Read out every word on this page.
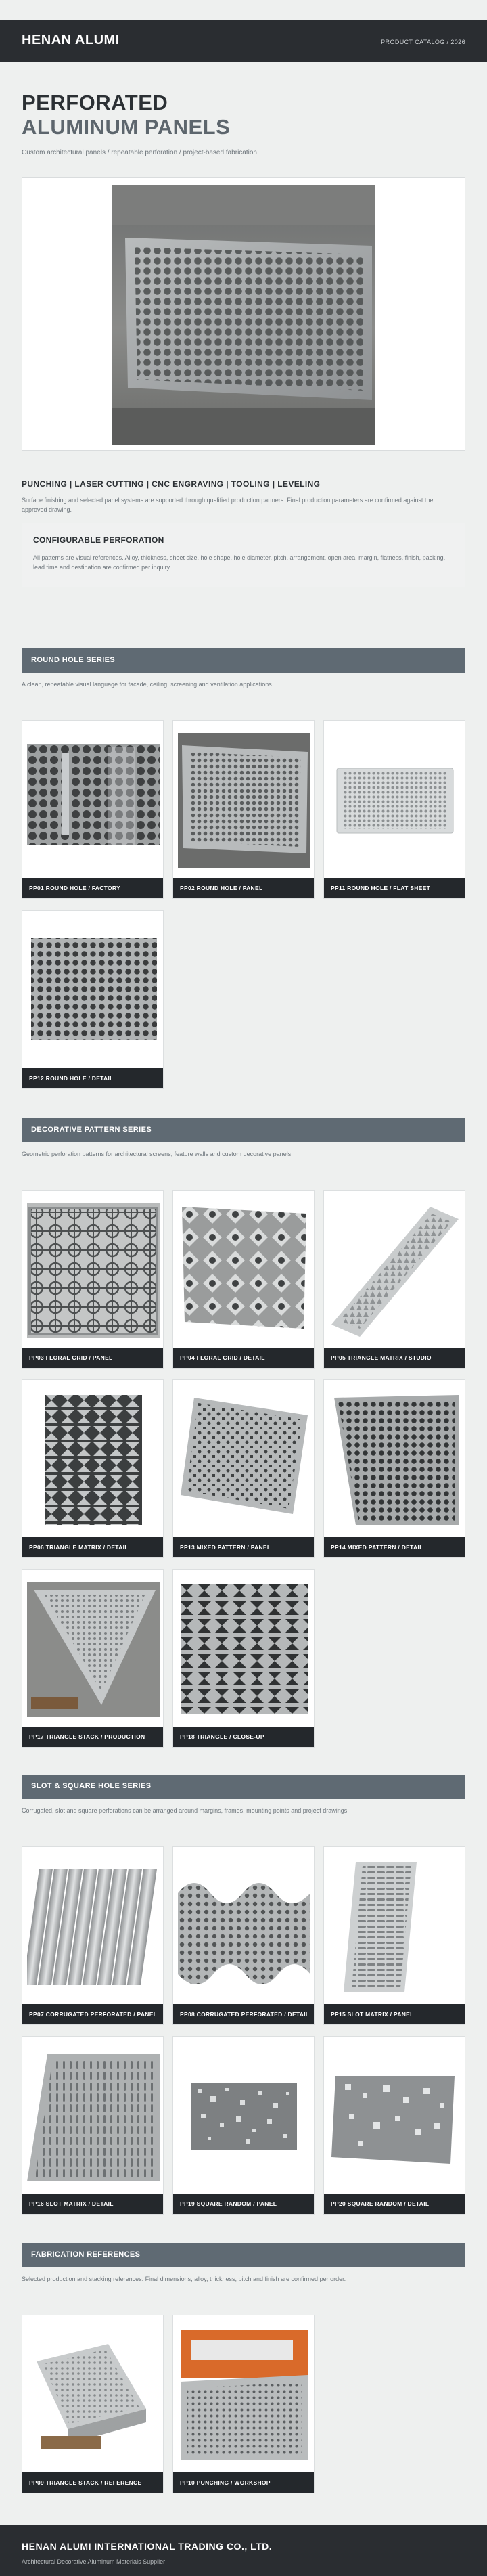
HENAN ALUMI	PRODUCT CATALOG / 2026
PERFORATED
ALUMINUM PANELS
Custom architectural panels / repeatable perforation / project-based fabrication
PUNCHING | LASER CUTTING | CNC ENGRAVING | TOOLING | LEVELING
Surface finishing and selected panel systems are supported through qualified production partners. Final production parameters are confirmed against the approved drawing.
CONFIGURABLE PERFORATION
All patterns are visual references. Alloy, thickness, sheet size, hole shape, hole diameter, pitch, arrangement, open area, margin, flatness, finish, packing, lead time and destination are confirmed per inquiry.
ROUND HOLE SERIES
A clean, repeatable visual language for facade, ceiling, screening and ventilation applications.
PP01 ROUND HOLE / FACTORY	PP02 ROUND HOLE / PANEL	PP11 ROUND HOLE / FLAT SHEET
PP12 ROUND HOLE / DETAIL
DECORATIVE PATTERN SERIES
Geometric perforation patterns for architectural screens, feature walls and custom decorative panels.
PP03 FLORAL GRID / PANEL	PP04 FLORAL GRID / DETAIL	PP05 TRIANGLE MATRIX / STUDIO
PP06 TRIANGLE MATRIX / DETAIL	PP13 MIXED PATTERN / PANEL	PP14 MIXED PATTERN / DETAIL
PP17 TRIANGLE STACK / PRODUCTION	PP18 TRIANGLE / CLOSE-UP
SLOT & SQUARE HOLE SERIES
Corrugated, slot and square perforations can be arranged around margins, frames, mounting points and project drawings.
PP07 CORRUGATED PERFORATED / PANEL	PP08 CORRUGATED PERFORATED / DETAIL	PP15 SLOT MATRIX / PANEL
PP16 SLOT MATRIX / DETAIL	PP19 SQUARE RANDOM / PANEL	PP20 SQUARE RANDOM / DETAIL
FABRICATION REFERENCES
Selected production and stacking references. Final dimensions, alloy, thickness, pitch and finish are confirmed per order.
PP09 TRIANGLE STACK / REFERENCE	PP10 PUNCHING / WORKSHOP
HENAN ALUMI INTERNATIONAL TRADING CO., LTD.
Architectural Decorative Aluminum Materials Supplier
